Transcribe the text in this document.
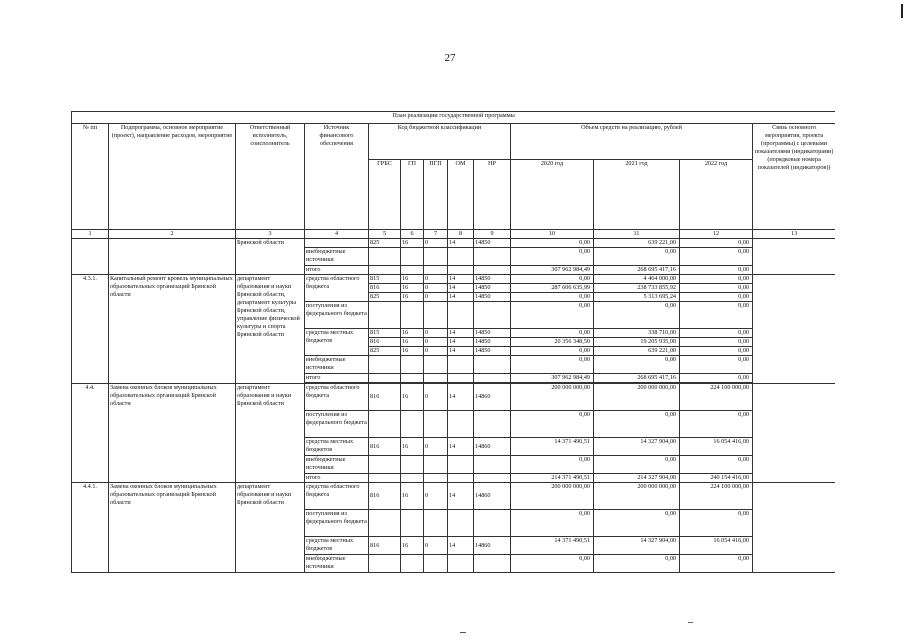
27
План реализации государственной программы												
№ пп	Подпрограмма, основное мероприятие (проект), направление расходов, мероприятие	Ответственный исполнитель, соисполнитель	Источник финансового обеспечения	Код бюджетной классификации					Объем средств на реализацию, рублей			Связь основного мероприятия, проекта (программы) с целевыми показателями (индикаторами) (порядковые номера показателей (индикаторов))
				ГРБС	ГП	ПГП	ОМ	НР	2020 год	2021 год	2022 год	
1	2	3	4	5	6	7	8	9	10	11	12	13
		Брянской области		825	16	0	14	14850	0,00	639 221,00	0,00	
			внебюджетные источники						0,00	0,00	0,00	
			итого						307 962 984,49	268 695 417,16	0,00	
4.3.1.	Капитальный ремонт кровель муниципальных образовательных организаций Брянской области	департамент образования и науки Брянской области, департамент культуры Брянской области, управление физической культуры и спорта Брянской области	средства областного бюджета	815	16	0	14	14850	0,00	4 464 000,00	0,00	
				816	16	0	14	14850	287 606 635,99	238 733 855,92	0,00	
				825	16	0	14	14850	0,00	5 313 695,24	0,00	
			поступления из федерального бюджета						0,00	0,00	0,00	
			средства местных бюджетов	815	16	0	14	14850	0,00	338 710,00	0,00	
				816	16	0	14	14850	20 356 348,50	19 205 935,00	0,00	
				825	16	0	14	14850	0,00	639 221,00	0,00	
			внебюджетные источники						0,00	0,00	0,00	
			итого						307 962 984,49	268 695 417,16	0,00	

4.4.	Замена оконных блоков муниципальных образовательных организаций Брянской области	департамент образования и науки Брянской области	средства областного бюджета	816	16	0	14	14860	200 000 000,00	200 000 000,00	224 100 000,00	
			поступления из федерального бюджета						0,00	0,00	0,00	
			средства местных бюджетов	816	16	0	14	14860	14 371 490,51	14 327 904,00	16 054 416,00	
			внебюджетные источники						0,00	0,00	0,00	
			итого						214 371 490,51	214 327 904,00	240 154 416,00	
4.4.1.	Замена оконных блоков муниципальных образовательных организаций Брянской области	департамент образования и науки Брянской области	средства областного бюджета	816	16	0	14	14860	200 000 000,00	200 000 000,00	224 100 000,00	
			поступления из федерального бюджета						0,00	0,00	0,00	
			средства местных бюджетов	816	16	0	14	14860	14 371 490,51	14 327 904,00	16 054 416,00	
			внебюджетные источники						0,00	0,00	0,00	
